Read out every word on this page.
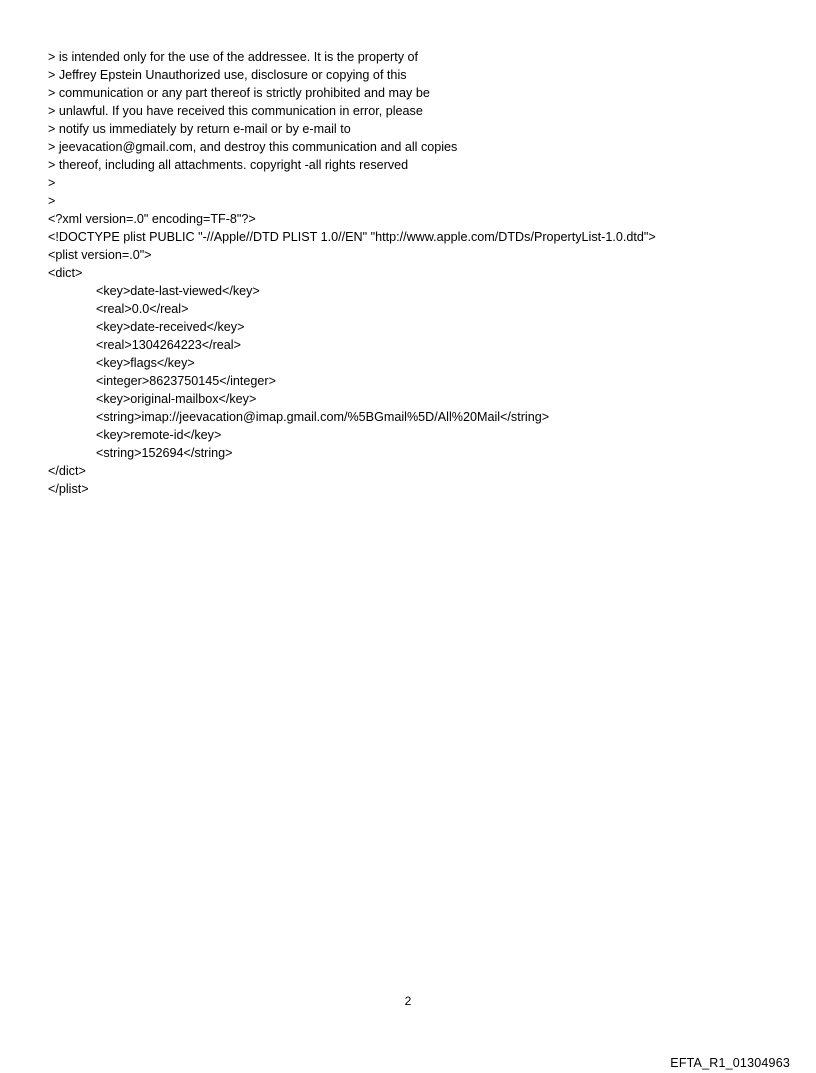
> is intended only for the use of the addressee. It is the property of
> Jeffrey Epstein Unauthorized use, disclosure or copying of this
> communication or any part thereof is strictly prohibited and may be
> unlawful. If you have received this communication in error, please
> notify us immediately by return e-mail or by e-mail to
> jeevacation@gmail.com, and destroy this communication and all copies
> thereof, including all attachments. copyright -all rights reserved
>
>
<?xml version=.0" encoding=TF-8"?>
<!DOCTYPE plist PUBLIC "-//Apple//DTD PLIST 1.0//EN" "http://www.apple.com/DTDs/PropertyList-1.0.dtd">
<plist version=.0">
<dict>
<key>date-last-viewed</key>
<real>0.0</real>
<key>date-received</key>
<real>1304264223</real>
<key>flags</key>
<integer>8623750145</integer>
<key>original-mailbox</key>
<string>imap://jeevacation@imap.gmail.com/%5BGmail%5D/All%20Mail</string>
<key>remote-id</key>
<string>152694</string>
</dict>
</plist>
2
EFTA_R1_01304963
